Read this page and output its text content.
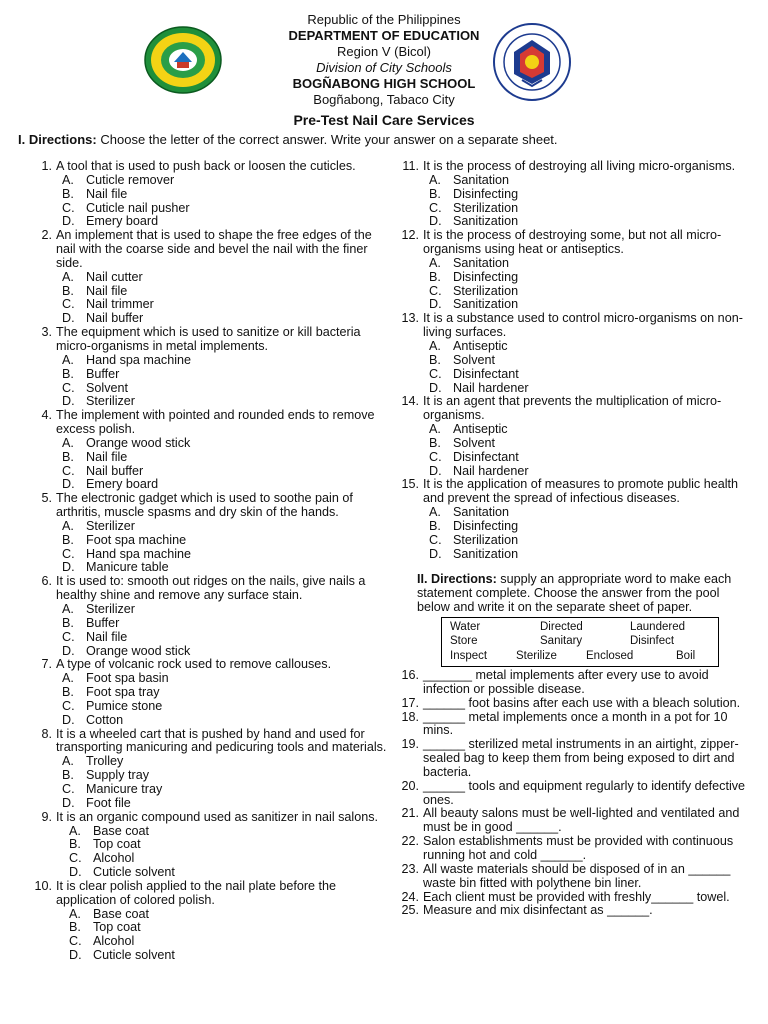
Republic of the Philippines
DEPARTMENT OF EDUCATION
Region V (Bicol)
Division of City Schools
BOGÑABONG HIGH SCHOOL
Bogñabong, Tabaco City
Pre-Test Nail Care Services
I. Directions: Choose the letter of the correct answer. Write your answer on a separate sheet.
1. A tool that is used to push back or loosen the cuticles.
A. Cuticle remover
B. Nail file
C. Cuticle nail pusher
D. Emery board
2. An implement that is used to shape the free edges of the nail with the coarse side and bevel the nail with the finer side.
A. Nail cutter
B. Nail file
C. Nail trimmer
D. Nail buffer
3. The equipment which is used to sanitize or kill bacteria micro-organisms in metal implements.
A. Hand spa machine
B. Buffer
C. Solvent
D. Sterilizer
4. The implement with pointed and rounded ends to remove excess polish.
A. Orange wood stick
B. Nail file
C. Nail buffer
D. Emery board
5. The electronic gadget which is used to soothe pain of arthritis, muscle spasms and dry skin of the hands.
A. Sterilizer
B. Foot spa machine
C. Hand spa machine
D. Manicure table
6. It is used to: smooth out ridges on the nails, give nails a healthy shine and remove any surface stain.
A. Sterilizer
B. Buffer
C. Nail file
D. Orange wood stick
7. A type of volcanic rock used to remove callouses.
A. Foot spa basin
B. Foot spa tray
C. Pumice stone
D. Cotton
8. It is a wheeled cart that is pushed by hand and used for transporting manicuring and pedicuring tools and materials.
A. Trolley
B. Supply tray
C. Manicure tray
D. Foot file
9. It is an organic compound used as sanitizer in nail salons.
A. Base coat
B. Top coat
C. Alcohol
D. Cuticle solvent
10. It is clear polish applied to the nail plate before the application of colored polish.
A. Base coat
B. Top coat
C. Alcohol
D. Cuticle solvent
11. It is the process of destroying all living micro-organisms.
A. Sanitation
B. Disinfecting
C. Sterilization
D. Sanitization
12. It is the process of destroying some, but not all micro-organisms using heat or antiseptics.
A. Sanitation
B. Disinfecting
C. Sterilization
D. Sanitization
13. It is a substance used to control micro-organisms on non-living surfaces.
A. Antiseptic
B. Solvent
C. Disinfectant
D. Nail hardener
14. It is an agent that prevents the multiplication of micro-organisms.
A. Antiseptic
B. Solvent
C. Disinfectant
D. Nail hardener
15. It is the application of measures to promote public health and prevent the spread of infectious diseases.
A. Sanitation
B. Disinfecting
C. Sterilization
D. Sanitization
II. Directions: supply an appropriate word to make each statement complete. Choose the answer from the pool below and write it on the separate sheet of paper.
Water	Directed	Laundered
Store	Sanitary	Disinfect
Inspect	Sterilize	Enclosed	Boil
16. _______ metal implements after every use to avoid infection or possible disease.
17. ______ foot basins after each use with a bleach solution.
18. ______ metal implements once a month in a pot for 10 mins.
19. ______ sterilized metal instruments in an airtight, zipper-sealed bag to keep them from being exposed to dirt and bacteria.
20. ______ tools and equipment regularly to identify defective ones.
21. All beauty salons must be well-lighted and ventilated and must be in good ______.
22. Salon establishments must be provided with continuous running hot and cold ______.
23. All waste materials should be disposed of in an ______ waste bin fitted with polythene bin liner.
24. Each client must be provided with freshly______ towel.
25. Measure and mix disinfectant as ______.
